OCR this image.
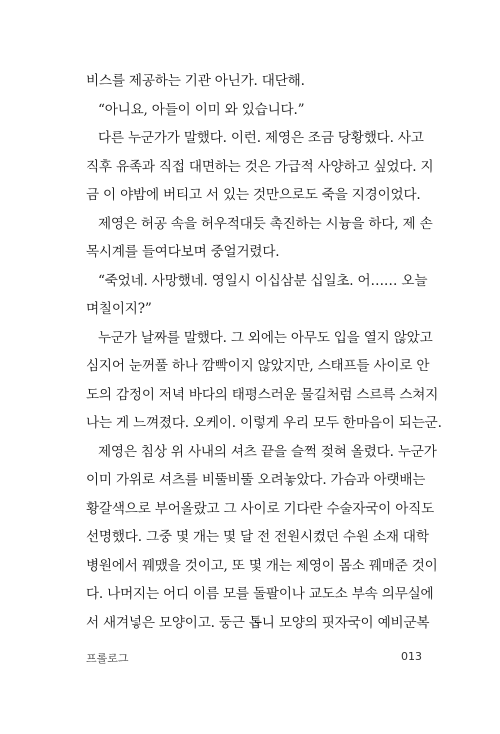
비스를 제공하는 기관 아닌가. 대단해.
“아니요, 아들이 이미 와 있습니다.”
다른 누군가가 말했다. 이런. 제영은 조금 당황했다. 사고
직후 유족과 직접 대면하는 것은 가급적 사양하고 싶었다. 지
금 이 야밤에 버티고 서 있는 것만으로도 죽을 지경이었다.
제영은 허공 속을 허우적대듯 촉진하는 시늉을 하다, 제 손
목시계를 들여다보며 중얼거렸다.
“죽었네. 사망했네. 영일시 이십삼분 십일초. 어…… 오늘
며칠이지?”
누군가 날짜를 말했다. 그 외에는 아무도 입을 열지 않았고
심지어 눈꺼풀 하나 깜빡이지 않았지만, 스태프들 사이로 안
도의 감정이 저녁 바다의 태평스러운 물길처럼 스르륵 스쳐지
나는 게 느껴졌다. 오케이. 이렇게 우리 모두 한마음이 되는군.
제영은 침상 위 사내의 셔츠 끝을 슬쩍 젖혀 올렸다. 누군가
이미 가위로 셔츠를 비뚤비뚤 오려놓았다. 가슴과 아랫배는
황갈색으로 부어올랐고 그 사이로 기다란 수술자국이 아직도
선명했다. 그중 몇 개는 몇 달 전 전원시켰던 수원 소재 대학
병원에서 꿰맸을 것이고, 또 몇 개는 제영이 몸소 꿰매준 것이
다. 나머지는 어디 이름 모를 돌팔이나 교도소 부속 의무실에
서 새겨넣은 모양이고. 둥근 톱니 모양의 핏자국이 예비군복
프롤로그	013
